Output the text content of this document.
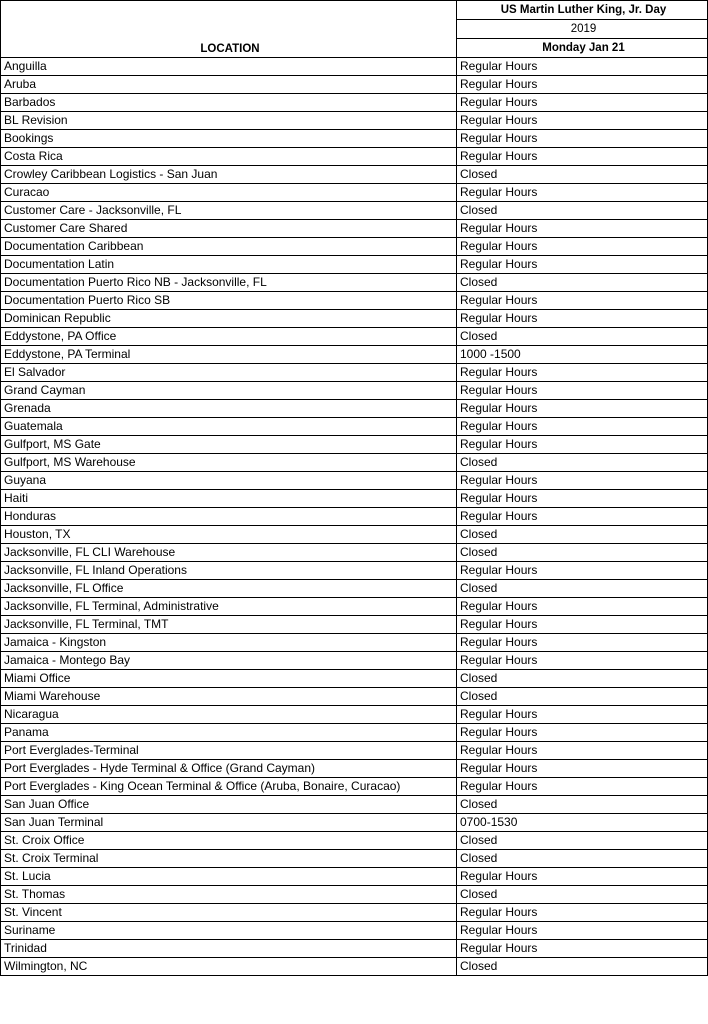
LOCATION	US Martin Luther King, Jr. Day
	2019
	Monday Jan 21
Anguilla	Regular Hours
Aruba	Regular Hours
Barbados	Regular Hours
BL Revision	Regular Hours
Bookings	Regular Hours
Costa Rica	Regular Hours
Crowley Caribbean Logistics - San Juan	Closed
Curacao	Regular Hours
Customer Care - Jacksonville, FL	Closed
Customer Care Shared	Regular Hours
Documentation Caribbean	Regular Hours
Documentation Latin	Regular Hours
Documentation Puerto Rico NB - Jacksonville, FL	Closed
Documentation Puerto Rico SB	Regular Hours
Dominican Republic	Regular Hours
Eddystone, PA Office	Closed
Eddystone, PA Terminal	1000 -1500
El Salvador	Regular Hours
Grand Cayman	Regular Hours
Grenada	Regular Hours
Guatemala	Regular Hours
Gulfport, MS Gate	Regular Hours
Gulfport, MS Warehouse	Closed
Guyana	Regular Hours
Haiti	Regular Hours
Honduras	Regular Hours
Houston, TX	Closed
Jacksonville, FL CLI Warehouse	Closed
Jacksonville, FL Inland Operations	Regular Hours
Jacksonville, FL Office	Closed
Jacksonville, FL Terminal, Administrative	Regular Hours
Jacksonville, FL Terminal, TMT	Regular Hours
Jamaica - Kingston	Regular Hours
Jamaica - Montego Bay	Regular Hours
Miami Office	Closed
Miami Warehouse	Closed
Nicaragua	Regular Hours
Panama	Regular Hours
Port Everglades-Terminal	Regular Hours
Port Everglades - Hyde Terminal & Office (Grand Cayman)	Regular Hours
Port Everglades - King Ocean Terminal & Office (Aruba, Bonaire, Curacao)	Regular Hours
San Juan Office	Closed
San Juan Terminal	0700-1530
St. Croix Office	Closed
St. Croix Terminal	Closed
St. Lucia	Regular Hours
St. Thomas	Closed
St. Vincent	Regular Hours
Suriname	Regular Hours
Trinidad	Regular Hours
Wilmington, NC	Closed
